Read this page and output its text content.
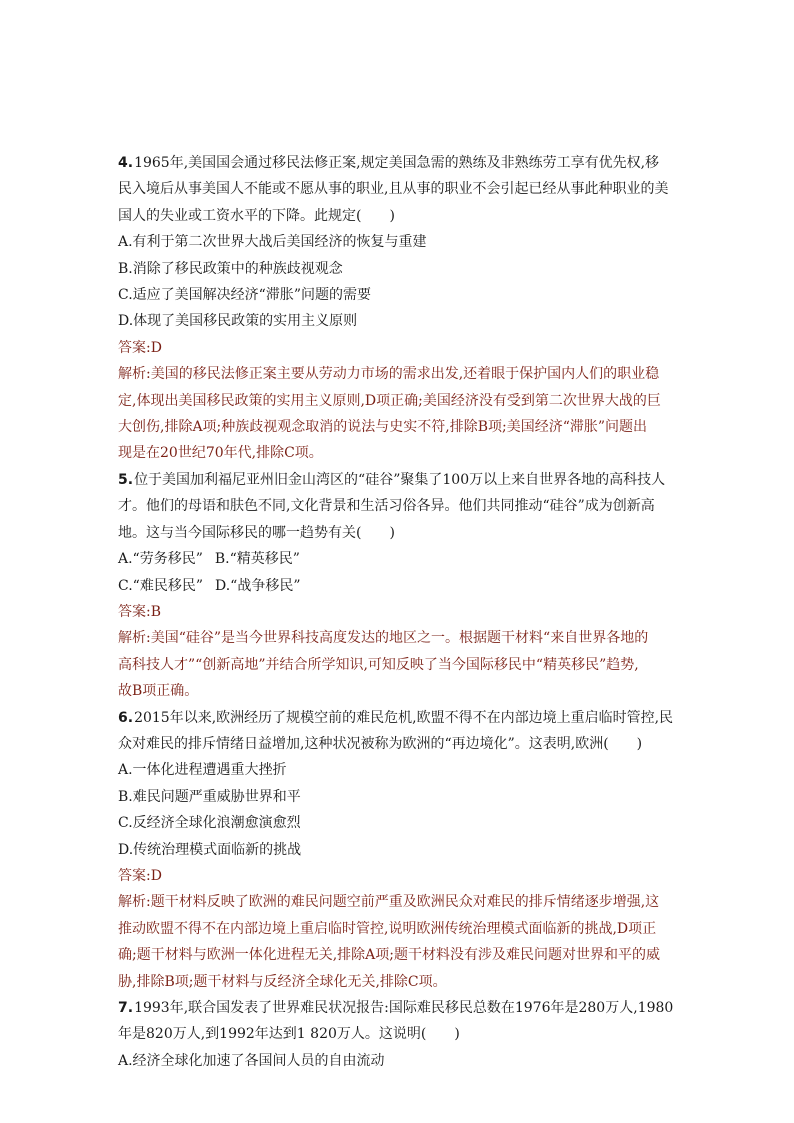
4.1965年,美国国会通过移民法修正案,规定美国急需的熟练及非熟练劳工享有优先权,移

民入境后从事美国人不能或不愿从事的职业,且从事的职业不会引起已经从事此种职业的美

国人的失业或工资水平的下降。此规定(　　)

A.有利于第二次世界大战后美国经济的恢复与重建

B.消除了移民政策中的种族歧视观念

C.适应了美国解决经济“滞胀”问题的需要

D.体现了美国移民政策的实用主义原则

答案:D

解析:美国的移民法修正案主要从劳动力市场的需求出发,还着眼于保护国内人们的职业稳

定,体现出美国移民政策的实用主义原则,D项正确;美国经济没有受到第二次世界大战的巨

大创伤,排除A项;种族歧视观念取消的说法与史实不符,排除B项;美国经济“滞胀”问题出

现是在20世纪70年代,排除C项。

5.位于美国加利福尼亚州旧金山湾区的“硅谷”聚集了100万以上来自世界各地的高科技人

才。他们的母语和肤色不同,文化背景和生活习俗各异。他们共同推动“硅谷”成为创新高

地。这与当今国际移民的哪一趋势有关(　　)

A.“劳务移民” B.“精英移民”

C.“难民移民” D.“战争移民”

答案:B

解析:美国“硅谷”是当今世界科技高度发达的地区之一。根据题干材料“来自世界各地的

高科技人才”“创新高地”并结合所学知识,可知反映了当今国际移民中“精英移民”趋势,

故B项正确。

6.2015年以来,欧洲经历了规模空前的难民危机,欧盟不得不在内部边境上重启临时管控,民

众对难民的排斥情绪日益增加,这种状况被称为欧洲的“再边境化”。这表明,欧洲(　　)

A.一体化进程遭遇重大挫折

B.难民问题严重威胁世界和平

C.反经济全球化浪潮愈演愈烈

D.传统治理模式面临新的挑战

答案:D

解析:题干材料反映了欧洲的难民问题空前严重及欧洲民众对难民的排斥情绪逐步增强,这

推动欧盟不得不在内部边境上重启临时管控,说明欧洲传统治理模式面临新的挑战,D项正

确;题干材料与欧洲一体化进程无关,排除A项;题干材料没有涉及难民问题对世界和平的威

胁,排除B项;题干材料与反经济全球化无关,排除C项。

7.1993年,联合国发表了世界难民状况报告:国际难民移民总数在1976年是280万人,1980

年是820万人,到1992年达到1 820万人。这说明(　　)

A.经济全球化加速了各国间人员的自由流动
